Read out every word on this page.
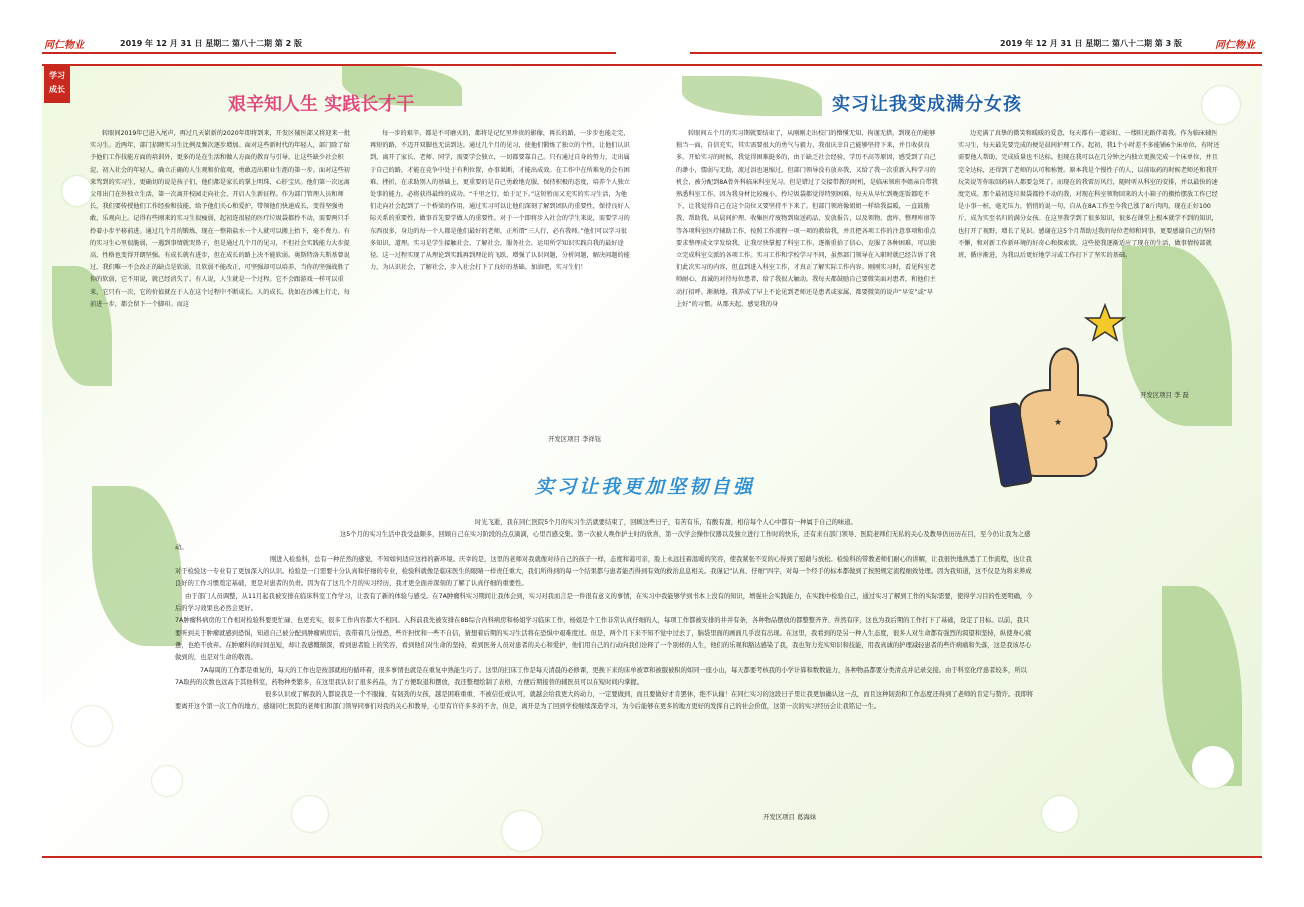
同仁物业	2019 年 12 月 31 日 星期二 第八十二期 第 2 版	2019 年 12 月 31 日 星期二 第八十二期 第 3 版	同仁物业
学习
成长
艰辛知人生 实践长才干
转眼间2019年已进入尾声，再过几天崭新的2020年即将到来，开发区辅医部又将迎来一批实习生。近两年，部门招聘实习生比例及频次逐步增加。面对这些新时代的年轻人，部门除了给予他们工作技能方面的培训外，更多的是在生活和做人方面的教育与引导，让这些缺少社会积淀，初入社会的年轻人，确立正确的人生观和价值观，勇敢迈出职业生涯的第一步。面对这些初来驾到的实习生，更确切的说是孩子们，他们都是家长的掌上明珠、心肝宝贝。他们第一次远离父母出门在外独立生活，第一次离开校园走向社会，开启人生新征程。作为部门管理人员和师长，我们要传授他们工作经验和技能，给予他们关心和爱护，带领他们快速成长，变得坚强勇敢，乐观向上。记得有些刚来的实习生很瘦弱，起初连很轻的医疗垃圾袋都拎不动，需要两只手拎着小步平移前进。通过几个月的锻炼，现在一整箱盐水一个人就可以搬上抬下，毫不费力。有的实习生心里很脆弱，一遇到事情就哭鼻子，但是通过几个月的见习，不但社会实践能力大步提高，性格也变得开朗坚强。有成长就有进步，但在成长的路上决不能软弱。奥斯特洛夫斯基曾说过，我们唯一不会改正的缺点是软弱，且软弱不能改正，可坚强却可以培养，当你的坚强战胜了你的软弱，它不用说，就已经消失了。有人说，人生就是一个过程。它不会跟游戏一样可以重来，它只有一次，它的价值就在于人在这个过程中不断成长。人的成长，犹如在沙滩上行走，每前进一步，都会留下一个脚印。而这
每一步的艰辛，都是不可磨灭的，都将是记忆里珍贵的影像，再长的路，一步步也能走完，再短的路，不迈开双脚也无法到达。通过几个月的见习，使他们锻炼了独立的个性，让他们认识到，离开了家长、老师、同学，需要学会独立，一切都要靠自己。只有通过自身的努力，走出属于自己的路，才能在竞争中处于有利位置，办事果断，才能出成效。在工作中在所难免的会有困难、挫折，在求助别人的基础上，更重要的是自己勇敢地克服，保持积极的态度，培养个人独立处事的能力，必将获得最终的成功。“千里之行，始于足下。”这短暂而又充实的实习生活，为他们走向社会起到了一个桥梁的作用，通过实习可以让他们深刻了解到团队的重要性，保持良好人际关系的重要性，做事首先要学做人的重要性。对于一个即将步入社会的学生来说，需要学习的东西很多，身边的每一个人都是他们最好的老师，正所谓“三人行，必有我师。”他们可以学习很多知识、道理。实习是学生接触社会，了解社会，服务社会，运用所学知识实践自我的最好途径。这一过程实现了从理论到实践再到理论的飞跃，增强了认识问题，分析问题，解决问题的能力，为认识社会，了解社会，步入社会打下了良好的基础。加油吧，实习生们！
开发区项目 李祥钰
实习让我变成满分女孩
转眼间五个月的实习期就要结束了，从刚刚走出校门的懵懂无知、拘谨无措，到现在的能够独当一面，自信充实，其实需要很大的勇气与毅力，我很庆幸自己能够坚持下来，并且收获良多。开始实习的时候，我觉得困难挺多的，由于缺乏社会经验，学历不高等原因，感受到了自己的渺小，懦弱与无助，流过泪也退缩过，但部门领导没有放弃我，又给了我一次重新入科学习的机会，被分配到8A骨外科临床科室见习。但是错过了交接带教的时机，是临床领班李姐亲自带我熟悉科室工作。因为我身材比较瘦小，拎垃圾袋都觉得特别困难，每天从早忙到晚连饭都吃不下，让我觉得自己在这个岗位又要坚持不下来了。但部门领班像姐姐一样给我温暖，一直鼓励我、帮助我。从晨间护理、收集医疗废物到取送药品、发放报告，以及领物、盘库、整理库房等等各项科室医疗辅助工作，按照工作流程一项一项的教给我，并且把各项工作的注意事项和重点要求整理成文字发给我，让我尽快掌握了科室工作，逐渐重拾了信心，克服了各种困难，可以独立完成科室交派的各项工作。实习工作和学校学习不同，虽然部门领导在入职时就已经告诉了我们此次实习的内容，但直到进入科室工作，才真正了解实际工作内容。刚刚实习时，看见科室老师耐心、真诚的对待每位患者，给了我很大触动。我每天都鼓励自己要微笑面对患者，和他们主动打招呼。渐渐地，我养成了早上不论见到老师还是患者或家属，都要微笑的说声“早安”或“早上好”的习惯。从那天起，感觉我的身
边充满了真挚的微笑和暖暖的爱意，每天都有一道彩虹、一缕阳光路伴着我。作为临床辅医实习生，每天最先要完成的便是晨间护理工作。起初，我1个小时差不多能铺6个床单位，有时还需要他人帮助，完成质量也不达标。但现在我可以在几分钟之内独立更换完成一个床单位，并且完全达标，还得到了老师的认可和称赞。原本我是个慢性子的人，以前取药的时候老师还和我开玩笑说等你取回药病人都要急死了。而现在的我雷厉风行，随时听从科室的安排，并以最快的速度完成。那个最初连垃圾袋都拎不动的我，对现在科室领物回来的大小箱子的搬抬摆放工作已经是小事一桩，毫无压力，悄悄的说一句，自从在8A工作至今我已涨了8斤肉肉，现在正好100斤，成为实至名归的满分女孩。在这里我学到了很多知识，很多在课堂上根本就学不到的知识，也打开了视野，增长了见识。感谢在这5个月帮助过我的每位老师和同事，更要感谢自己的坚持不懈，和对新工作新环境的好奇心和探索欲。这些使我逐渐适应了现在的生活，做事情按部就班，循序渐进，为我以后更好地学习或工作打下了坚实的基础。
开发区项目 李 磊
★
实习让我更加坚韧自强

时光飞逝，我在同仁医院5个月的实习生活就要结束了，回顾这些日子，有苦有乐，有酸有甜，相信每个人心中都有一种属于自己的味道。

这5个月的实习生活中我受益颇多，回顾自己在实习阶段的点点滴滴，心里百感交集。第一次被人唤作护士时的欣喜，第一次学会操作仪器以及独立进行工作时的快乐，还有来自部门领导、医院老师们无私的关心及教导仍历历在目，至今仍让我为之感动。

刚进入检验科，总有一种茫然的感觉，不知如何适应这样的新环境。庆幸的是，这里的老师对我就像对待自己的孩子一样，态度和蔼可亲，脸上永远挂着温暖的笑容，使我紧张不安的心得到了慰藉与放松。检验科的带教老师们耐心的讲解，让我很快地熟悉了工作流程，也让我对于检验这一专业有了更加深入的认识。检验是一门需要十分认真和仔细的专业，检验科就像是临床医生的眼睛一样责任重大，我们所得到的每一个结果都与患者能否得到有效的救治息息相关。我谨记“认真、仔细”四字，对每一个经手的标本都做到了按照规定流程细致处理。因为我知道，这不仅是为将来养成良好的工作习惯奠定基础，更是对患者的负责。因为有了这几个月的实习经历，我才更全面并深刻的了解了认真仔细的重要性。

由于部门人员调整，从11月起我被安排在临床科室工作学习，让我有了新的体验与感受。在7A肿瘤科实习期间让我体会到，实习对我而言是一件很有意义的事情，在实习中我能够学到书本上没有的知识，增强社会实践能力，在实践中检验自己，通过实习了解到工作的实际需要，使得学习目的性更明确，今后的学习效果也必然会更好。

7A肿瘤科病房的工作相对检验科要更忙碌、也更充实，很多工作内容都大不相同。入科前我先被安排在8B综合内科病房和杨姐学习临床工作，杨姐是个工作非常认真仔细的人，每项工作都被安排的井井有条，各种物品摆放的都整整齐齐、井然有序，这也为我后期的工作打下了基础，设定了目标。以前，我只要听到关于肿瘤就感到恐惧，知道自己被分配到肿瘤病房后，我带着几分惶恐，些许担忧和一些不自信，猜想着后期的实习生活将在恐惧中艰难度过。但是，两个月下来不知不觉中过去了，脑袋里面的画面几乎没有出现。在这里，我看到的是另一种人生态度，很多人对生命都有强烈的渴望和坚持，纵使身心疲惫，也绝不放弃。在肿瘤科的时间虽短，却让我感慨颇深，看到患者脸上的笑容，看到他们对生命的坚持，看到医务人员对患者的关心和爱护，他们用自己的行动向我们诠释了一个别样的人生，他们的乐观和豁达感染了我，我也努力充实知识和技能，用我真诚的护理减轻患者的些许病痛和失落，这是我该尽心做到的，也是对生命的敬畏。

7A每周的工作都是重复的，每天的工作也是按部就班的循环着，很多事情也就是在重复中熟能生巧了。这里的扫床工作是每天清晨的必修课，更换下来的床单被罩和被服被积的如同一座小山，每天都要考核我的小学计算和数数能力，各种物品都要分类清点并记录交接。由于科室化疗患者较多，所以7A取药的次数也远高于其他科室，药物种类繁多，在这里我认识了很多药品，为了方便取退和摆放，我还整理绘制了表格，方便后期接替的辅医员可以在短时间内掌握。

很多认识或了解我的人都说我是一个不服输、有韧劲的女孩，越是困难重重、不被信任或认可，就越会给我更大的动力，一定要做到，而且要做好才肯罢休，绝不认输！在同仁实习的这段日子里让我更加确认这一点，而且这种韧劲和工作态度还得到了老师的肯定与赞许。我即将要离开这个第一次工作的地方，感谢同仁医院的老师们和部门领导同事们对我的关心和教导，心里有许许多多的不舍，但是，离开是为了回到学校继续深造学习，为今后能够在更多的地方更好的发挥自己的社会价值，这第一次的实习经历会让我铭记一生。

开发区项目 葛海妹
